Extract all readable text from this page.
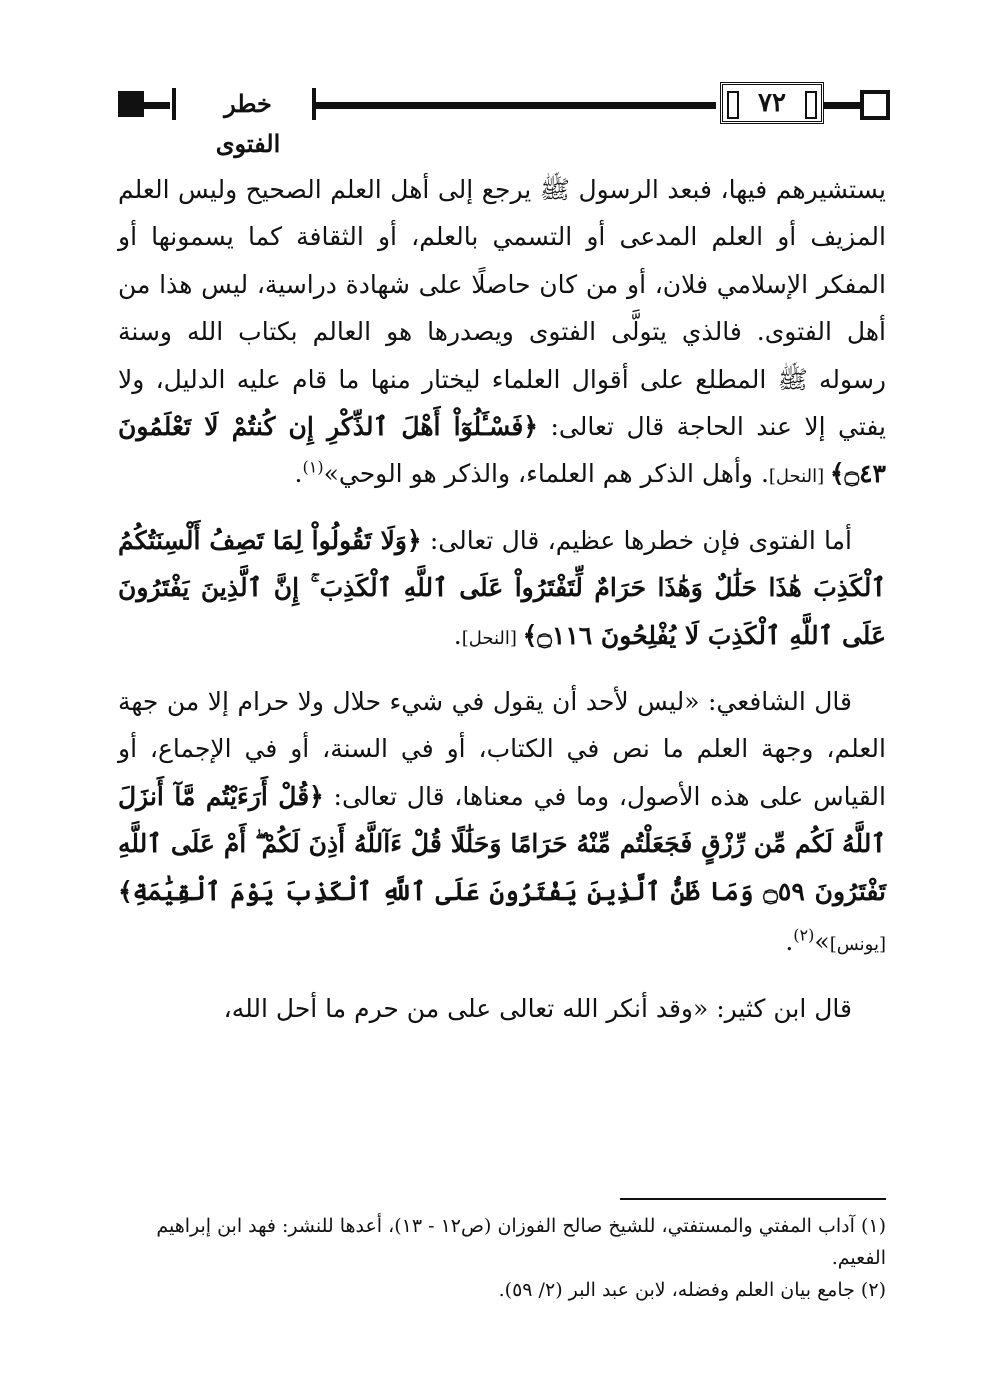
خطر الفتوى
٧٢

يستشيرهم فيها، فبعد الرسول ﷺ يرجع إلى أهل العلم الصحيح وليس العلم المزيف أو العلم المدعى أو التسمي بالعلم، أو الثقافة كما يسمونها أو المفكر الإسلامي فلان، أو من كان حاصلًا على شهادة دراسية، ليس هذا من أهل الفتوى. فالذي يتولَّى الفتوى ويصدرها هو العالم بكتاب الله وسنة رسوله ﷺ المطلع على أقوال العلماء ليختار منها ما قام عليه الدليل، ولا يفتي إلا عند الحاجة قال تعالى: ﴿فَسْـَٔلُوٓاْ أَهْلَ ٱلذِّكْرِ إِن كُنتُمْ لَا تَعْلَمُونَ ۝٤٣﴾ [النحل]. وأهل الذكر هم العلماء، والذكر هو الوحي»$^{(١)}$.

أما الفتوى فإن خطرها عظيم، قال تعالى: ﴿وَلَا تَقُولُواْ لِمَا تَصِفُ أَلْسِنَتُكُمُ ٱلْكَذِبَ هَٰذَا حَلَٰلٌ وَهَٰذَا حَرَامٌ لِّتَفْتَرُواْ عَلَى ٱللَّهِ ٱلْكَذِبَ ۚ إِنَّ ٱلَّذِينَ يَفْتَرُونَ عَلَى ٱللَّهِ ٱلْكَذِبَ لَا يُفْلِحُونَ ۝١١٦﴾ [النحل].

قال الشافعي: «ليس لأحد أن يقول في شيء حلال ولا حرام إلا من جهة العلم، وجهة العلم ما نص في الكتاب، أو في السنة، أو في الإجماع، أو القياس على هذه الأصول، وما في معناها، قال تعالى: ﴿قُلْ أَرَءَيْتُم مَّآ أَنزَلَ ٱللَّهُ لَكُم مِّن رِّزْقٍ فَجَعَلْتُم مِّنْهُ حَرَامًا وَحَلَٰلًا قُلْ ءَآللَّهُ أَذِنَ لَكُمْ ۖ أَمْ عَلَى ٱللَّهِ تَفْتَرُونَ ۝٥٩ وَمَا ظَنُّ ٱلَّذِينَ يَفْتَرُونَ عَلَى ٱللَّهِ ٱلْكَذِبَ يَوْمَ ٱلْقِيَٰمَةِ﴾ [يونس]»$^{(٢)}$.

قال ابن كثير: «وقد أنكر الله تعالى على من حرم ما أحل الله،

(١) آداب المفتي والمستفتي، للشيخ صالح الفوزان (ص١٢ - ١٣)، أعدها للنشر: فهد ابن إبراهيم الفعيم.

(٢) جامع بيان العلم وفضله، لابن عبد البر (٢/ ٥٩).
